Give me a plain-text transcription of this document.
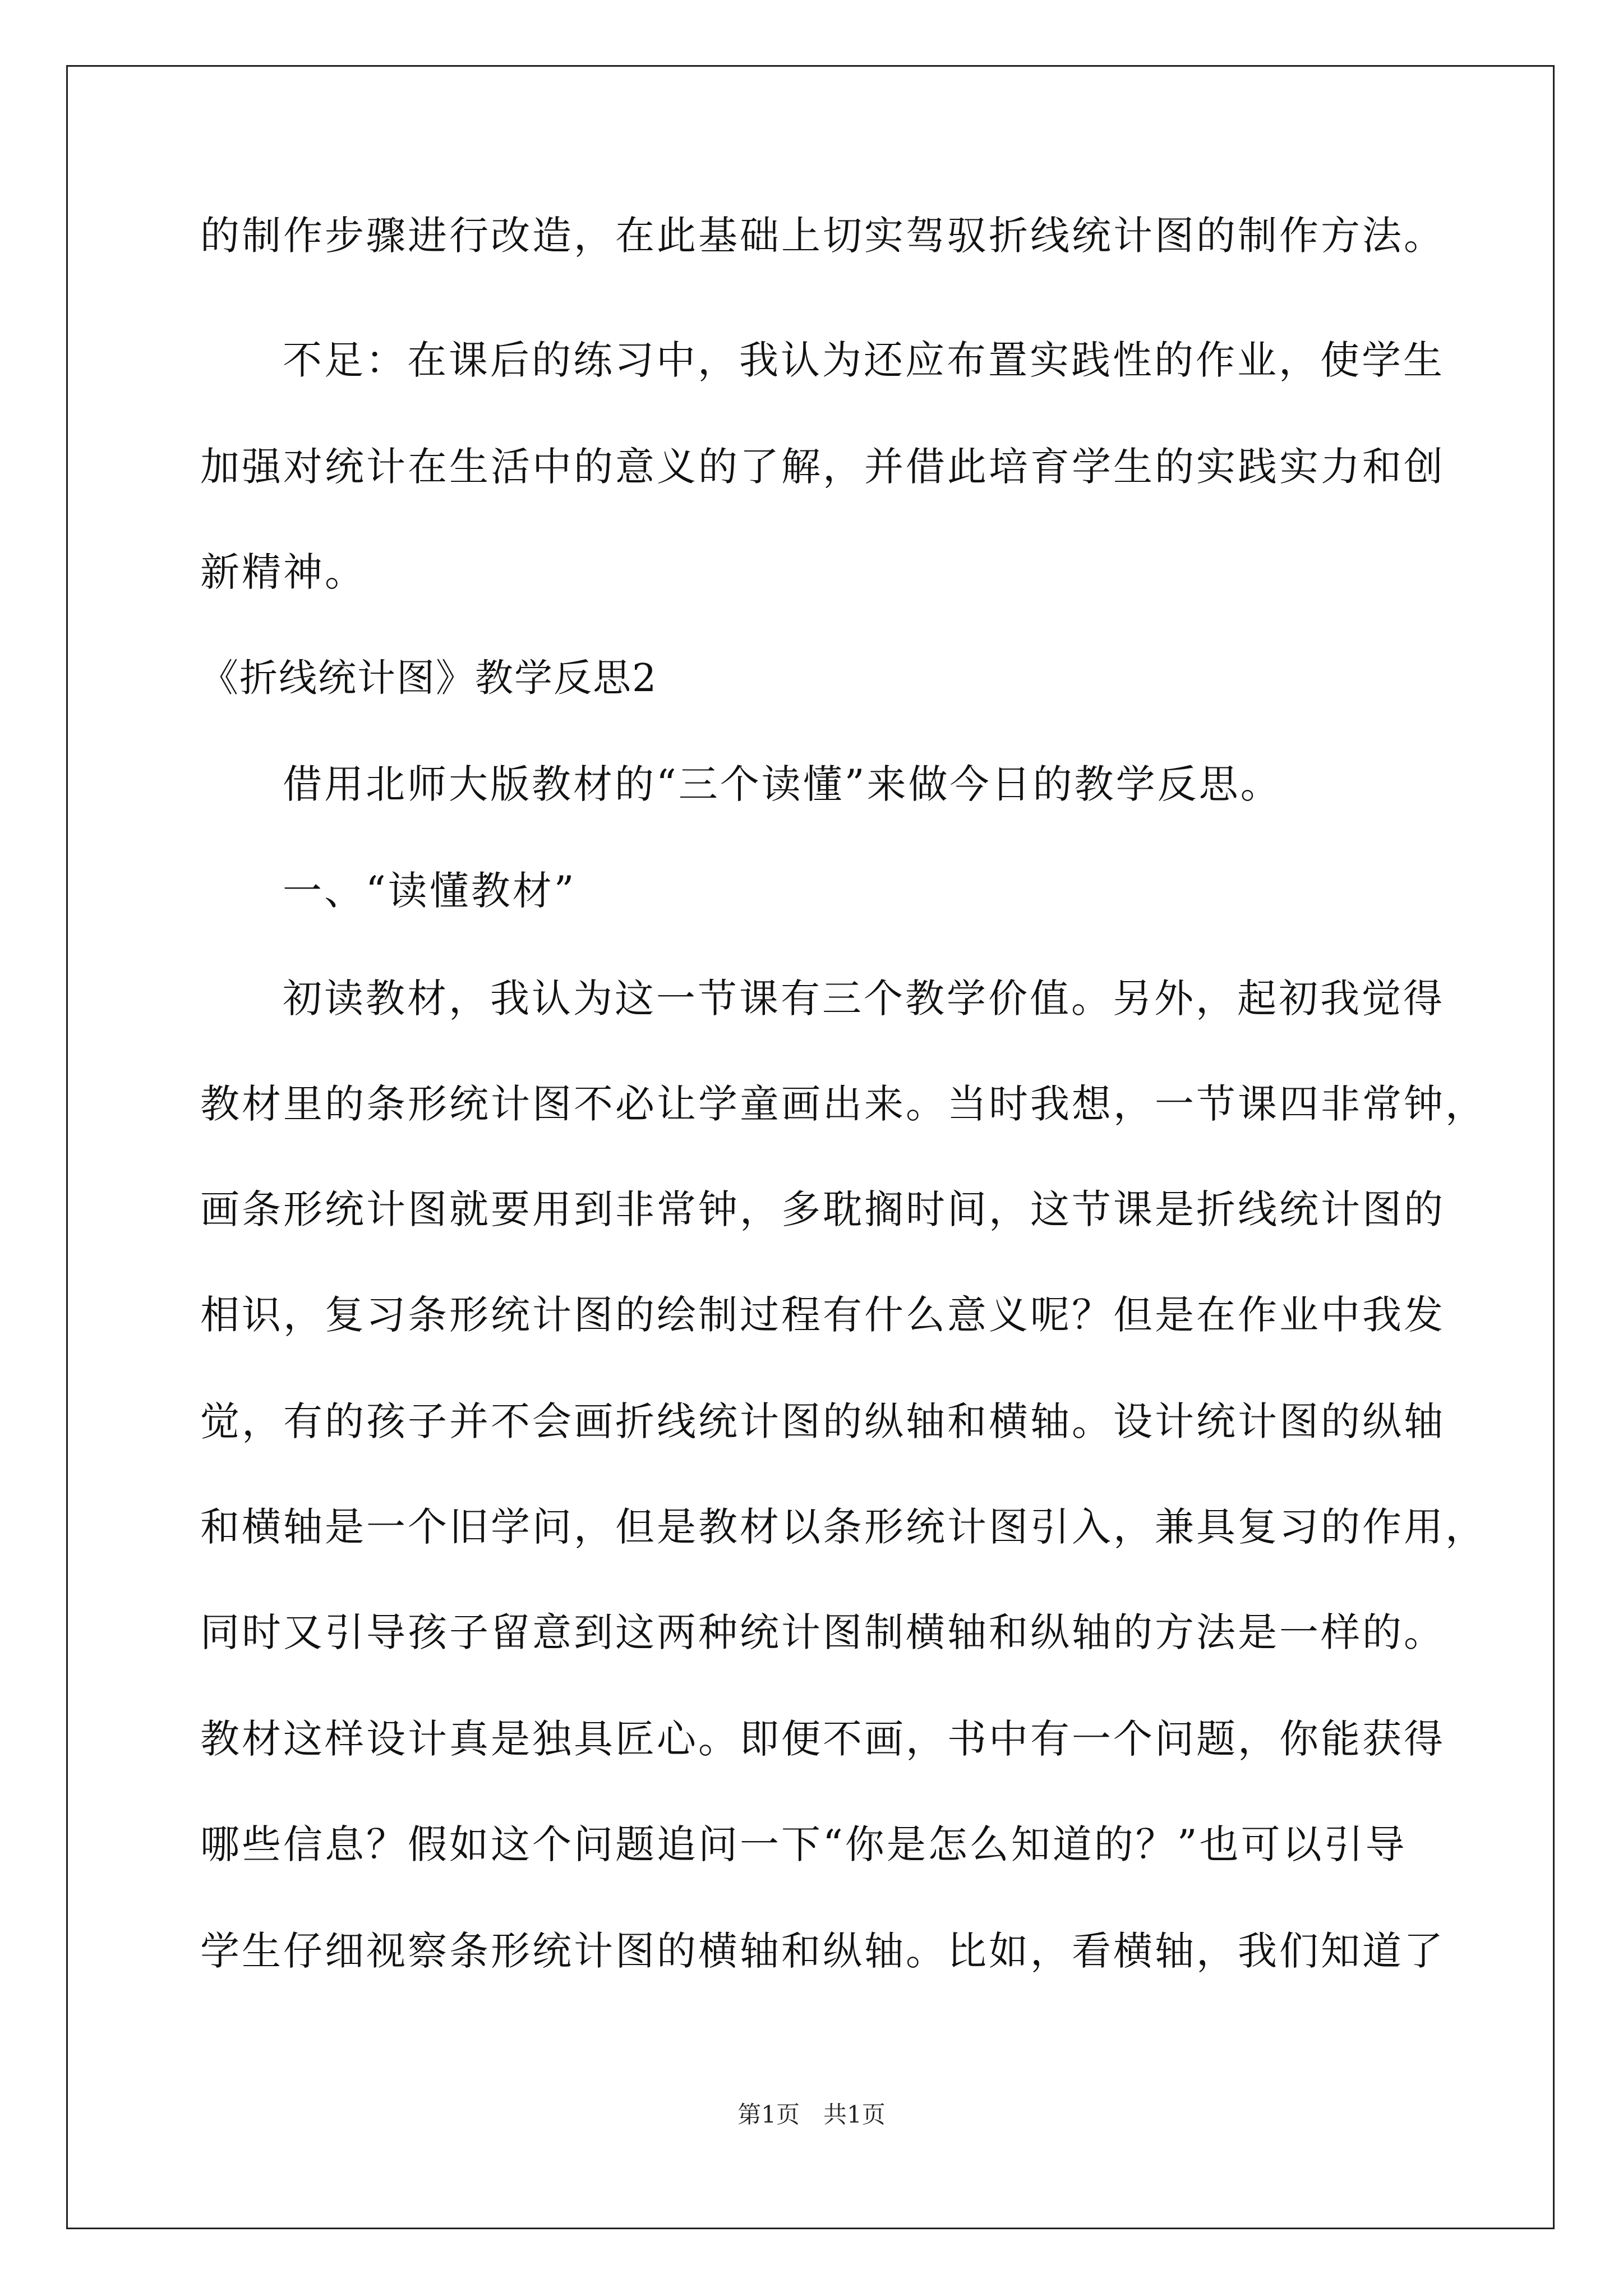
的制作步骤进行改造，在此基础上切实驾驭折线统计图的制作方法。
不足：在课后的练习中，我认为还应布置实践性的作业，使学生
加强对统计在生活中的意义的了解，并借此培育学生的实践实力和创
新精神。
《折线统计图》教学反思2
借用北师大版教材的“三个读懂”来做今日的教学反思。
一、“读懂教材”
初读教材，我认为这一节课有三个教学价值。另外，起初我觉得
教材里的条形统计图不必让学童画出来。当时我想，一节课四非常钟，
画条形统计图就要用到非常钟，多耽搁时间，这节课是折线统计图的
相识，复习条形统计图的绘制过程有什么意义呢？但是在作业中我发
觉，有的孩子并不会画折线统计图的纵轴和横轴。设计统计图的纵轴
和横轴是一个旧学问，但是教材以条形统计图引入，兼具复习的作用，
同时又引导孩子留意到这两种统计图制横轴和纵轴的方法是一样的。
教材这样设计真是独具匠心。即便不画，书中有一个问题，你能获得
哪些信息？假如这个问题追问一下“你是怎么知道的？”也可以引导
学生仔细视察条形统计图的横轴和纵轴。比如，看横轴，我们知道了
第1页　共1页
